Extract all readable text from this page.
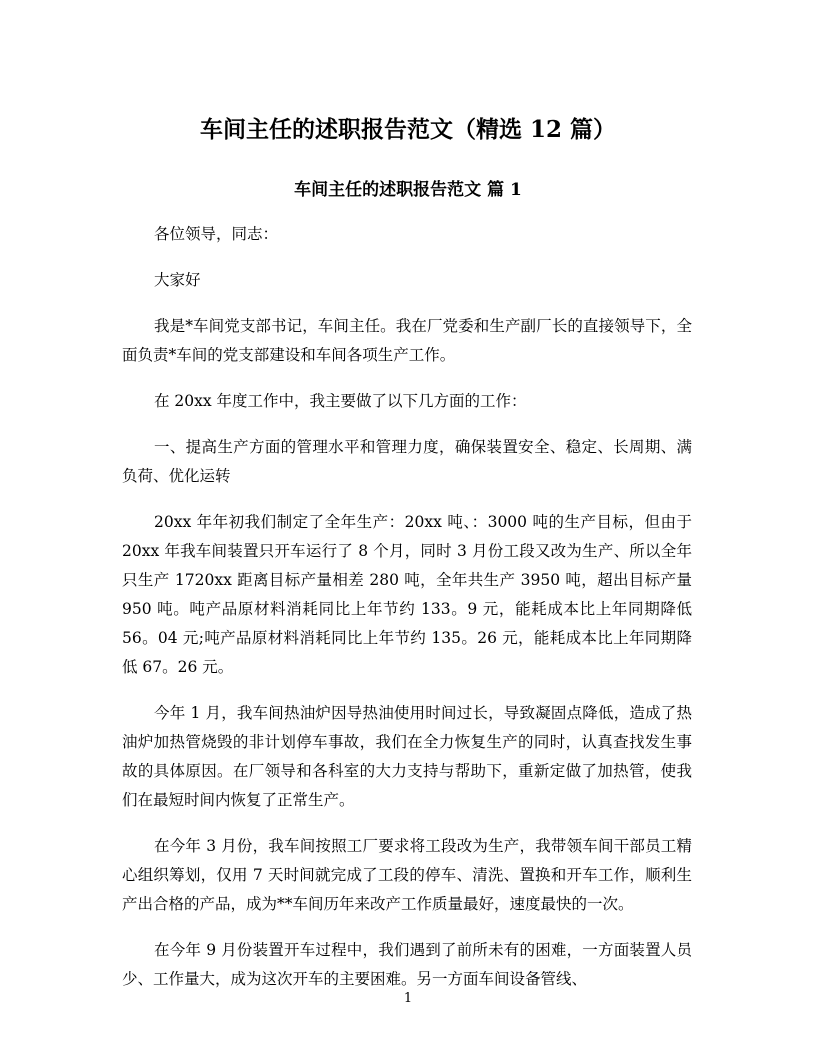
车间主任的述职报告范文（精选 12 篇）
车间主任的述职报告范文 篇 1

各位领导，同志：

大家好

我是*车间党支部书记，车间主任。我在厂党委和生产副厂长的直接领导下，全面负责*车间的党支部建设和车间各项生产工作。

在 20xx 年度工作中，我主要做了以下几方面的工作：

一、提高生产方面的管理水平和管理力度，确保装置安全、稳定、长周期、满负荷、优化运转

20xx 年年初我们制定了全年生产：20xx 吨、：3000 吨的生产目标，但由于 20xx 年我车间装置只开车运行了 8 个月，同时 3 月份工段又改为生产、所以全年只生产 1720xx 距离目标产量相差 280 吨，全年共生产 3950 吨，超出目标产量 950 吨。吨产品原材料消耗同比上年节约 133。9 元，能耗成本比上年同期降低 56。04 元;吨产品原材料消耗同比上年节约 135。26 元，能耗成本比上年同期降低 67。26 元。

今年 1 月，我车间热油炉因导热油使用时间过长，导致凝固点降低，造成了热油炉加热管烧毁的非计划停车事故，我们在全力恢复生产的同时，认真查找发生事故的具体原因。在厂领导和各科室的大力支持与帮助下，重新定做了加热管，使我们在最短时间内恢复了正常生产。

在今年 3 月份，我车间按照工厂要求将工段改为生产，我带领车间干部员工精心组织筹划，仅用 7 天时间就完成了工段的停车、清洗、置换和开车工作，顺利生产出合格的产品，成为**车间历年来改产工作质量最好，速度最快的一次。

在今年 9 月份装置开车过程中，我们遇到了前所未有的困难，一方面装置人员少、工作量大，成为这次开车的主要困难。另一方面车间设备管线、

1
